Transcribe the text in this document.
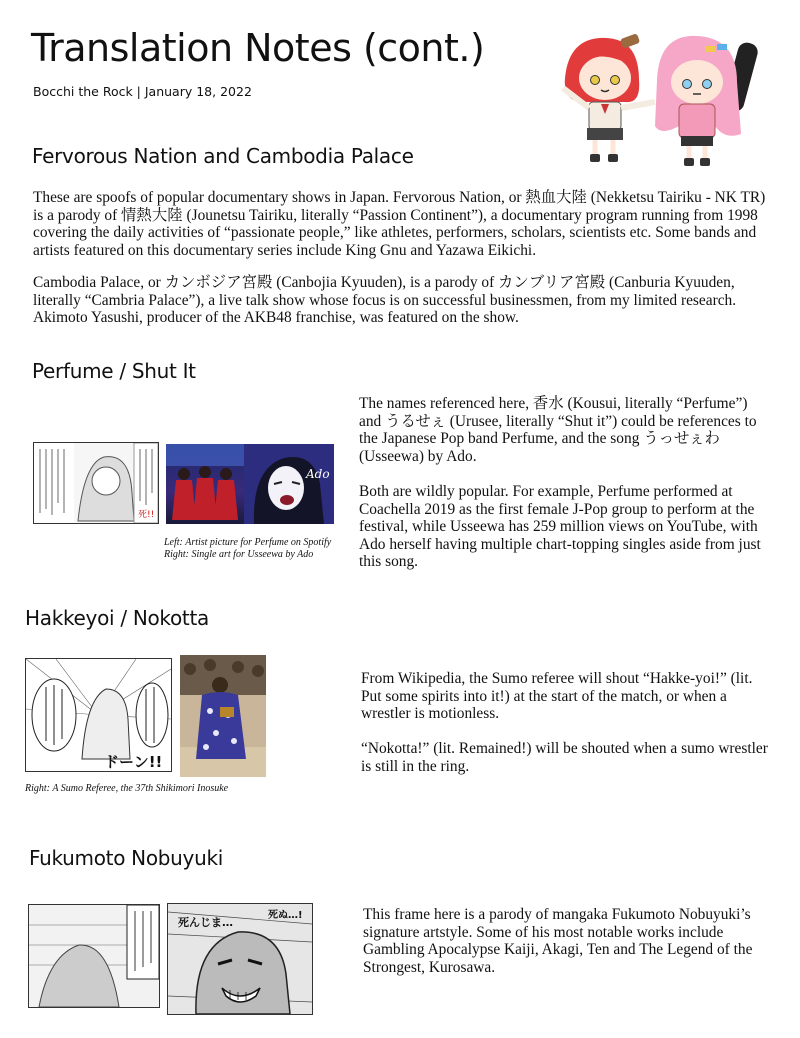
Translation Notes (cont.)
Bocchi the Rock | January 18, 2022
Fervorous Nation and Cambodia Palace

These are spoofs of popular documentary shows in Japan. Fervorous Nation, or 熱血大陸 (Nekketsu Tairiku - NK TR) is a parody of 情熱大陸 (Jounetsu Tairiku, literally “Passion Continent”), a documentary program running from 1998 covering the daily activities of “passionate people,” like athletes, performers, scholars, scientists etc. Some bands and artists featured on this documentary series include King Gnu and Yazawa Eikichi.

Cambodia Palace, or カンボジア宮殿 (Canbojia Kyuuden), is a parody of カンブリア宮殿 (Canburia Kyuuden, literally “Cambria Palace”), a live talk show whose focus is on successful businessmen, from my limited research. Akimoto Yasushi, producer of the AKB48 franchise, was featured on the show.

Perfume / Shut It
死!!
Ado
Left: Artist picture for Perfume on Spotify
Right: Single art for Usseewa by Ado

The names referenced here, 香水 (Kousui, literally “Perfume”) and うるせぇ (Urusee, literally “Shut it”) could be references to the Japanese Pop band Perfume, and the song うっせぇわ (Usseewa) by Ado.

Both are wildly popular. For example, Perfume performed at Coachella 2019 as the first female J-Pop group to perform at the festival, while Usseewa has 259 million views on YouTube, with Ado herself having multiple chart-topping singles aside from just this song.

Hakkeyoi / Nokotta
ドーン!!
Right: A Sumo Referee, the 37th Shikimori Inosuke

From Wikipedia, the Sumo referee will shout “Hakke-yoi!” (lit. Put some spirits into it!) at the start of the match, or when a wrestler is motionless.

“Nokotta!” (lit. Remained!) will be shouted when a sumo wrestler is still in the ring.

Fukumoto Nobuyuki
死んじま…
死ぬ…!	This frame here is a parody of mangaka Fukumoto Nobuyuki’s signature artstyle. Some of his most notable works include Gambling Apocalypse Kaiji, Akagi, Ten and The Legend of the Strongest, Kurosawa.
